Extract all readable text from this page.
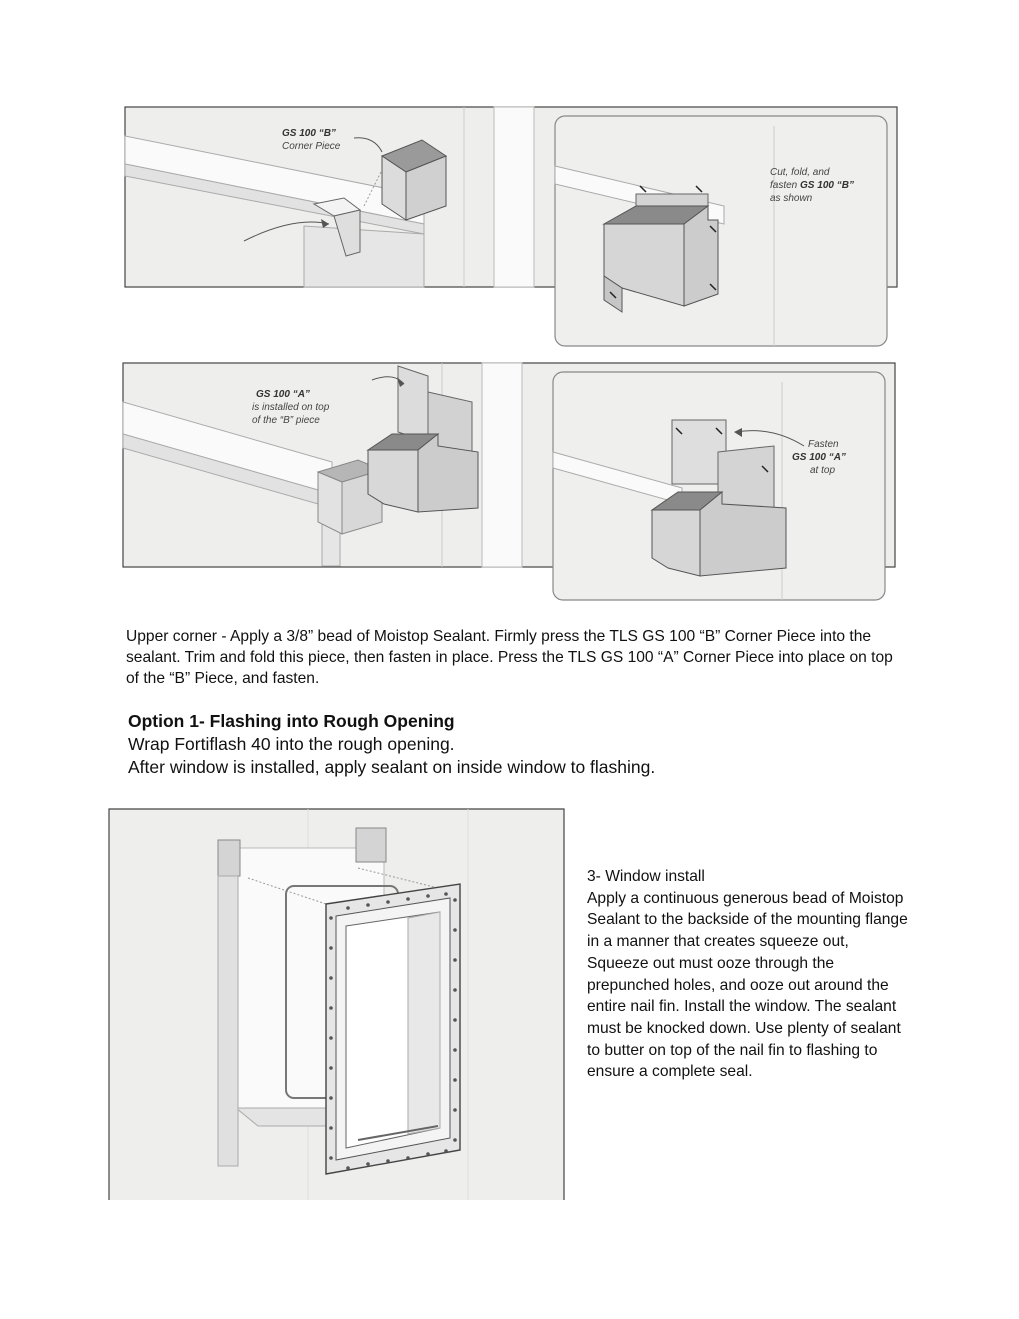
GS 100 “B”
Corner Piece
Cut, fold, and
fasten GS 100 “B”
as shown
GS 100 “A”
is installed on top
of the “B” piece
Fasten
GS 100 “A”
at top

Upper corner - Apply a 3/8” bead of Moistop Sealant. Firmly press the TLS GS 100 “B” Corner Piece into the sealant. Trim and fold this piece, then fasten in place. Press the TLS GS 100 “A” Corner Piece into place on top of the “B” Piece, and fasten.

Option 1- Flashing into Rough Opening
Wrap Fortiflash 40 into the rough opening.
After window is installed, apply sealant on inside window to flashing.
3- Window install
Apply a continuous generous bead of Moistop Sealant to the backside of the mounting flange in a manner that creates squeeze out, Squeeze out must ooze through the prepunched holes, and ooze out around the entire nail fin. Install the window. The sealant must be knocked down. Use plenty of sealant to butter on top of the nail fin to flashing to ensure a complete seal.
